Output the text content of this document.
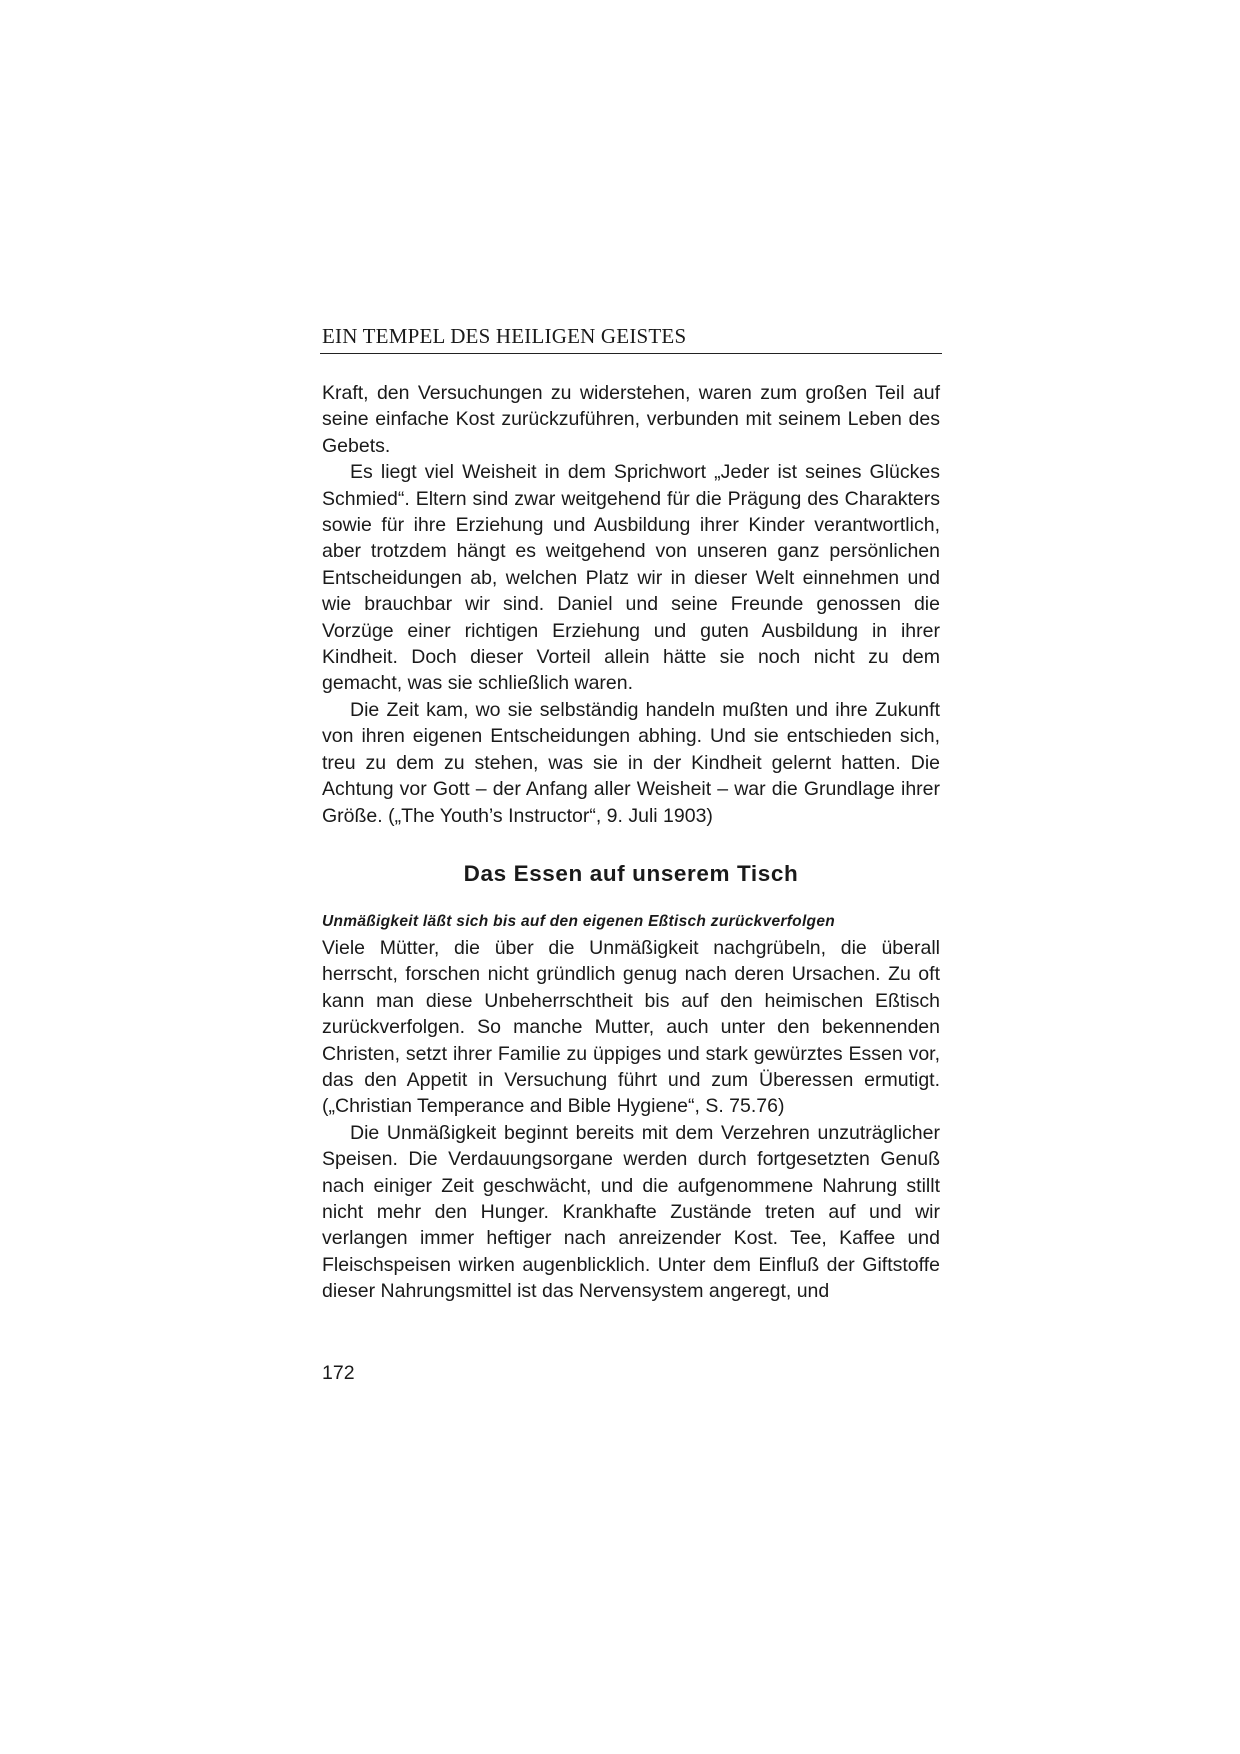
EIN TEMPEL DES HEILIGEN GEISTES

Kraft, den Versuchungen zu widerstehen, waren zum großen Teil auf seine einfache Kost zurückzuführen, verbunden mit seinem Leben des Gebets.

Es liegt viel Weisheit in dem Sprichwort „Jeder ist seines Glückes Schmied“. Eltern sind zwar weitgehend für die Prägung des Charakters sowie für ihre Erziehung und Ausbildung ihrer Kinder verantwortlich, aber trotzdem hängt es weitgehend von unseren ganz persönlichen Entscheidungen ab, welchen Platz wir in dieser Welt einnehmen und wie brauchbar wir sind. Daniel und seine Freunde genossen die Vorzüge einer richtigen Erziehung und guten Ausbildung in ihrer Kindheit. Doch dieser Vorteil allein hätte sie noch nicht zu dem gemacht, was sie schließlich waren.

Die Zeit kam, wo sie selbständig handeln mußten und ihre Zukunft von ihren eigenen Entscheidungen abhing. Und sie entschieden sich, treu zu dem zu stehen, was sie in der Kindheit gelernt hatten. Die Achtung vor Gott – der Anfang aller Weisheit – war die Grundlage ihrer Größe. („The Youth’s Instructor“, 9. Juli 1903)

Das Essen auf unserem Tisch
Unmäßigkeit läßt sich bis auf den eigenen Eßtisch zurückverfolgen

Viele Mütter, die über die Unmäßigkeit nachgrübeln, die überall herrscht, forschen nicht gründlich genug nach deren Ursachen. Zu oft kann man diese Unbeherrschtheit bis auf den heimischen Eßtisch zurückverfolgen. So manche Mutter, auch unter den bekennenden Christen, setzt ihrer Familie zu üppiges und stark gewürztes Essen vor, das den Appetit in Versuchung führt und zum Überessen ermutigt. („Christian Temperance and Bible Hygiene“, S. 75.76)

Die Unmäßigkeit beginnt bereits mit dem Verzehren unzuträglicher Speisen. Die Verdauungsorgane werden durch fortgesetzten Genuß nach einiger Zeit geschwächt, und die aufgenommene Nahrung stillt nicht mehr den Hunger. Krankhafte Zustände treten auf und wir verlangen immer heftiger nach anreizender Kost. Tee, Kaffee und Fleischspeisen wirken augenblicklich. Unter dem Einfluß der Giftstoffe dieser Nahrungsmittel ist das Nervensystem angeregt, und

172
